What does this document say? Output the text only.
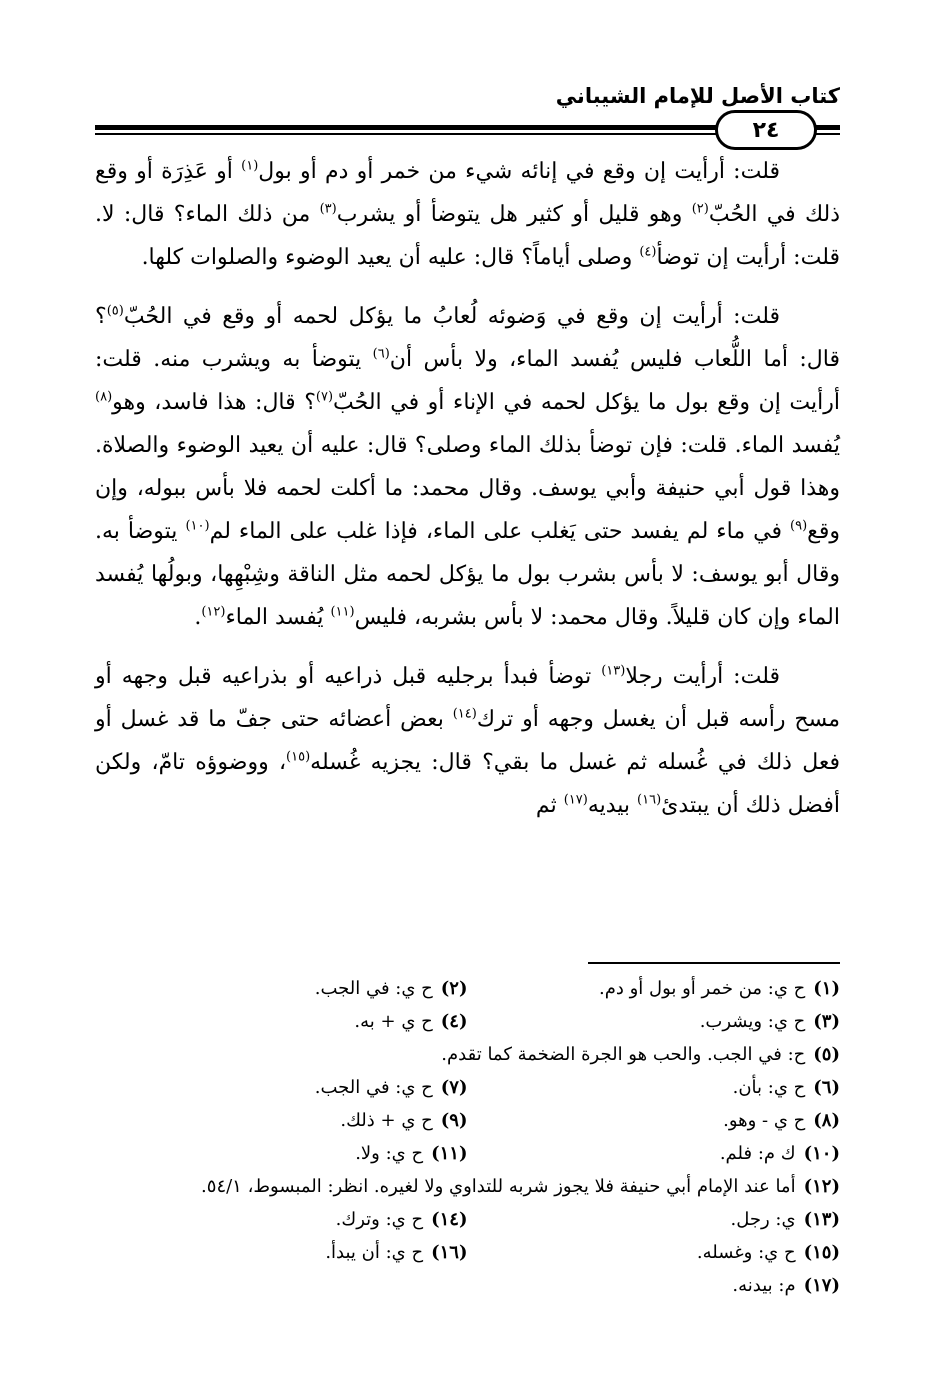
كتاب الأصل للإمام الشيباني
٢٤

قلت: أرأيت إن وقع في إنائه شيء من خمر أو دم أو بول$^{(١)}$ أو عَذِرَة أو وقع ذلك في الحُبّ$^{(٢)}$ وهو قليل أو كثير هل يتوضأ أو يشرب$^{(٣)}$ من ذلك الماء؟ قال: لا. قلت: أرأيت إن توضأ$^{(٤)}$ وصلى أياماً؟ قال: عليه أن يعيد الوضوء والصلوات كلها.

قلت: أرأيت إن وقع في وَضوئه لُعابُ ما يؤكل لحمه أو وقع في الحُبّ$^{(٥)}$؟ قال: أما اللُّعاب فليس يُفسد الماء، ولا بأس أن$^{(٦)}$ يتوضأ به ويشرب منه. قلت: أرأيت إن وقع بول ما يؤكل لحمه في الإناء أو في الحُبّ$^{(٧)}$؟ قال: هذا فاسد، وهو$^{(٨)}$ يُفسد الماء. قلت: فإن توضأ بذلك الماء وصلى؟ قال: عليه أن يعيد الوضوء والصلاة. وهذا قول أبي حنيفة وأبي يوسف. وقال محمد: ما أكلت لحمه فلا بأس ببوله، وإن وقع$^{(٩)}$ في ماء لم يفسد حتى يَغلب على الماء، فإذا غلب على الماء لم$^{(١٠)}$ يتوضأ به. وقال أبو يوسف: لا بأس بشرب بول ما يؤكل لحمه مثل الناقة وشِبْهِها، وبولُها يُفسد الماء وإن كان قليلاً. وقال محمد: لا بأس بشربه، فليس$^{(١١)}$ يُفسد الماء$^{(١٢)}$.

قلت: أرأيت رجلا$^{(١٣)}$ توضأ فبدأ برجليه قبل ذراعيه أو بذراعيه قبل وجهه أو مسح رأسه قبل أن يغسل وجهه أو ترك$^{(١٤)}$ بعض أعضائه حتى جفّ ما قد غسل أو فعل ذلك في غُسله ثم غسل ما بقي؟ قال: يجزيه غُسله$^{(١٥)}$، ووضوؤه تامّ، ولكن أفضل ذلك أن يبتدئ$^{(١٦)}$ بيديه$^{(١٧)}$ ثم

(١)ح ي: من خمر أو بول أو دم.
(٢)ح ي: في الجب.
(٣)ح ي: ويشرب.
(٤)ح ي + به.
(٥)ح: في الجب. والحب هو الجرة الضخمة كما تقدم.
(٦)ح ي: بأن.
(٧)ح ي: في الجب.
(٨)ح ي - وهو.
(٩)ح ي + ذلك.
(١٠)ك م: فلم.
(١١)ح ي: ولا.
(١٢)أما عند الإمام أبي حنيفة فلا يجوز شربه للتداوي ولا لغيره. انظر: المبسوط، ٥٤/١.
(١٣)ي: رجل.
(١٤)ح ي: وترك.
(١٥)ح ي: وغسله.
(١٦)ح ي: أن يبدأ.
(١٧)م: بيدنه.
